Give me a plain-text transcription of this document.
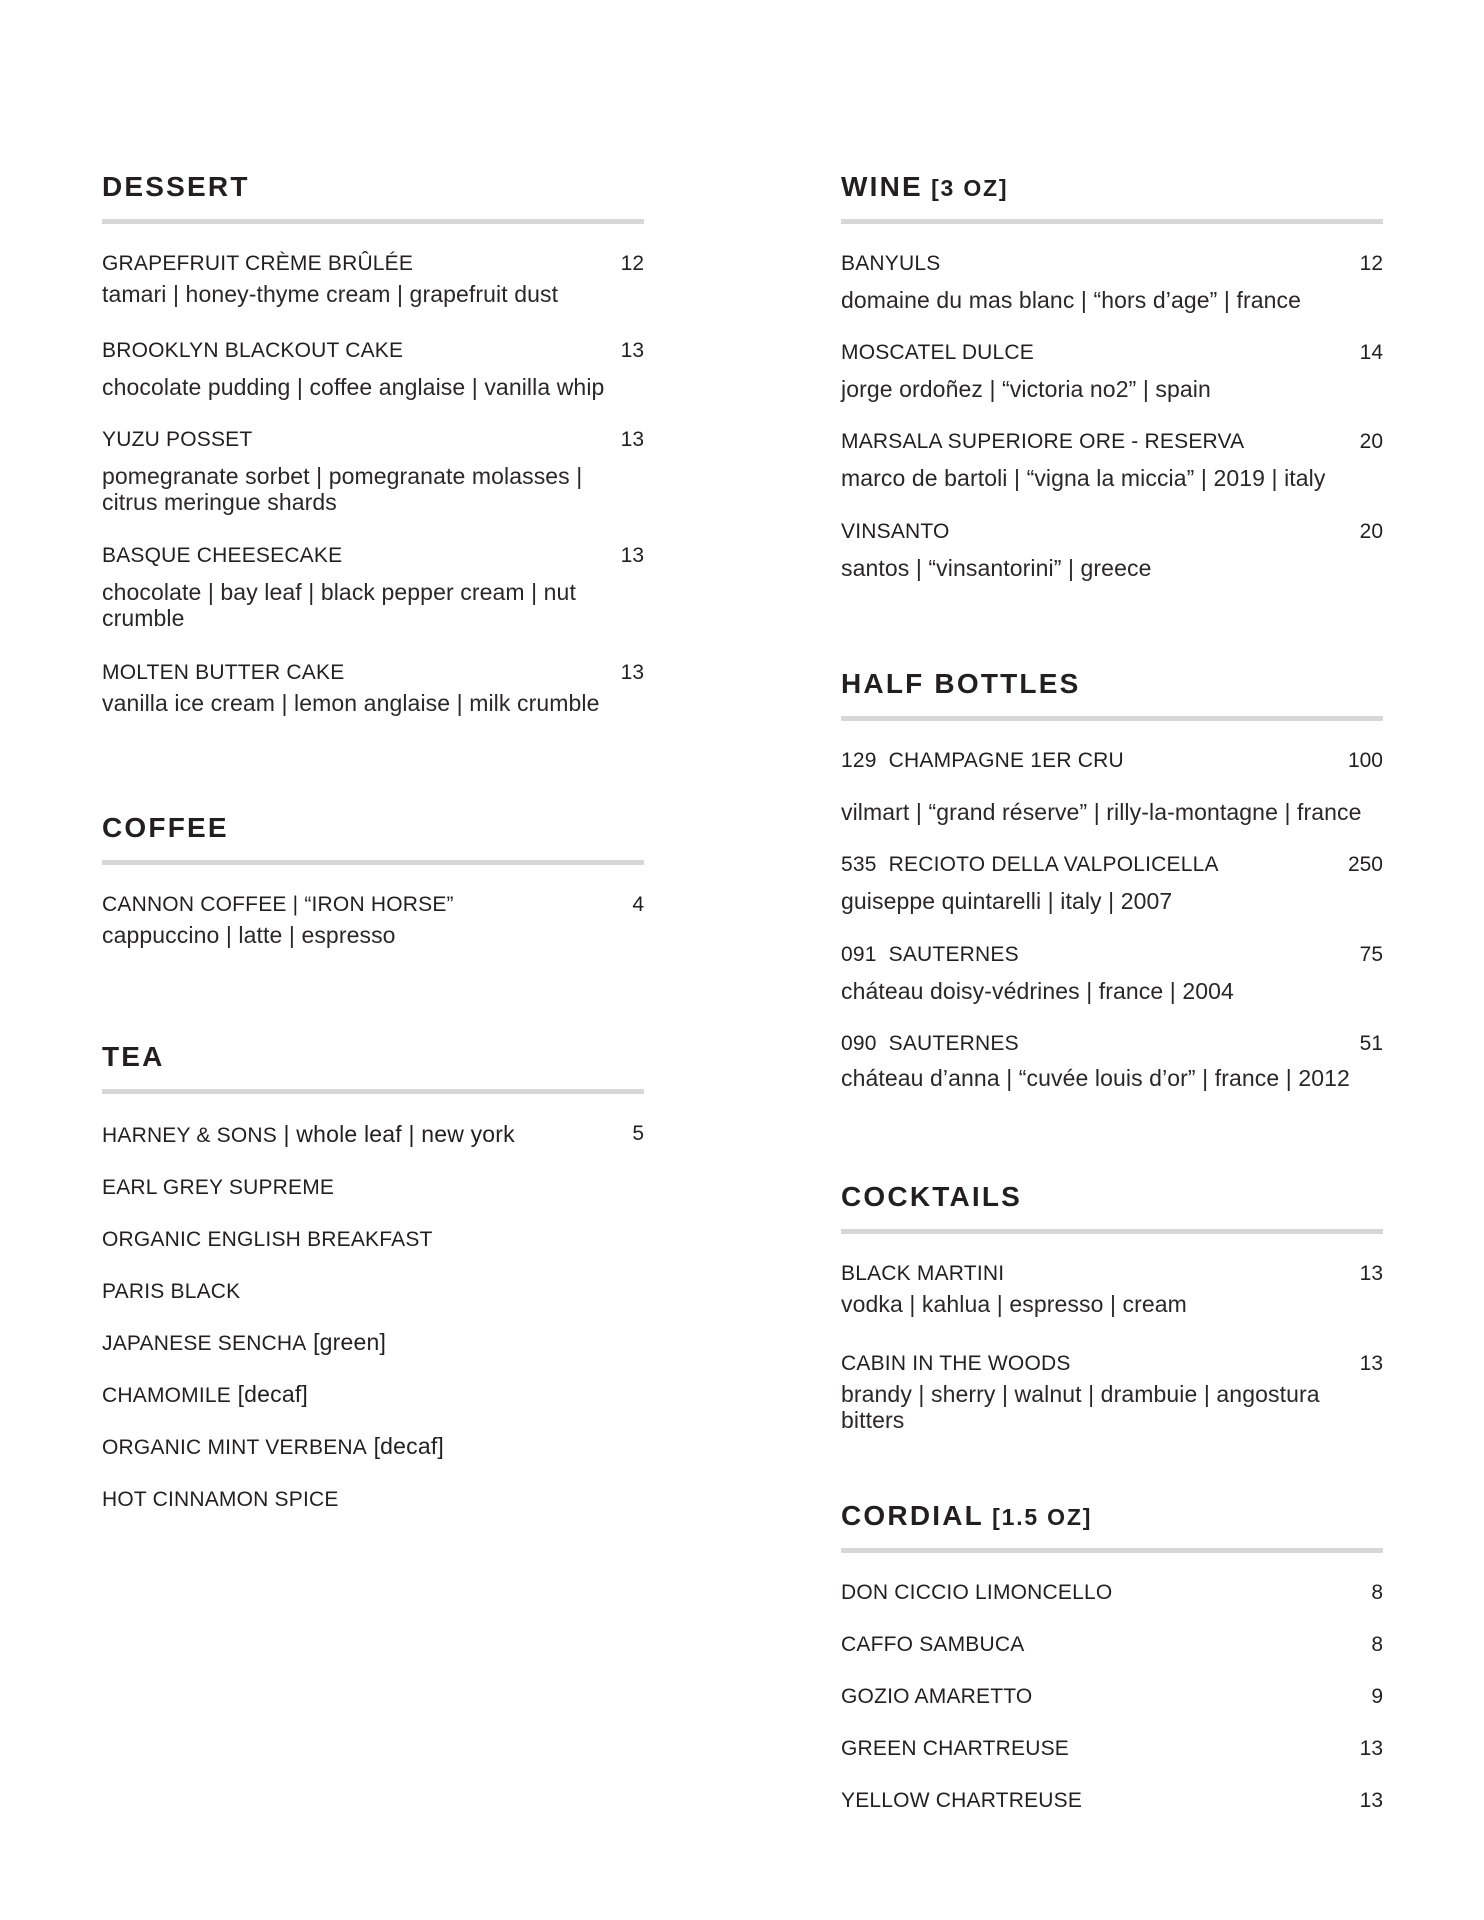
DESSERT
GRAPEFRUIT CRÈME BRÛLÉE	12
tamari | honey-thyme cream | grapefruit dust
BROOKLYN BLACKOUT CAKE	13
chocolate pudding | coffee anglaise | vanilla whip
YUZU POSSET	13
pomegranate sorbet | pomegranate molasses | citrus meringue shards
BASQUE CHEESECAKE	13
chocolate | bay leaf | black pepper cream | nut crumble
MOLTEN BUTTER CAKE	13
vanilla ice cream | lemon anglaise | milk crumble
COFFEE
CANNON COFFEE | “IRON HORSE”	4
cappuccino | latte | espresso
TEA
HARNEY & SONS | whole leaf | new york	5
EARL GREY SUPREME
ORGANIC ENGLISH BREAKFAST
PARIS BLACK
JAPANESE SENCHA [green]
CHAMOMILE [decaf]
ORGANIC MINT VERBENA [decaf]
HOT CINNAMON SPICE
WINE [3 OZ]
BANYULS	12
domaine du mas blanc | “hors d’age” | france
MOSCATEL DULCE	14
jorge ordoñez | “victoria no2” | spain
MARSALA SUPERIORE ORE - RESERVA	20
marco de bartoli | “vigna la miccia” | 2019 | italy
VINSANTO	20
santos | “vinsantorini” | greece
HALF BOTTLES
129 CHAMPAGNE 1ER CRU	100
vilmart | “grand réserve” | rilly-la-montagne | france
535 RECIOTO DELLA VALPOLICELLA	250
guiseppe quintarelli | italy | 2007
091 SAUTERNES	75
cháteau doisy-védrines | france | 2004
090 SAUTERNES	51
cháteau d’anna | “cuvée louis d’or” | france | 2012
COCKTAILS
BLACK MARTINI	13
vodka | kahlua | espresso | cream
CABIN IN THE WOODS	13
brandy | sherry | walnut | drambuie | angostura bitters
CORDIAL [1.5 OZ]
DON CICCIO LIMONCELLO	8
CAFFO SAMBUCA	8
GOZIO AMARETTO	9
GREEN CHARTREUSE	13
YELLOW CHARTREUSE	13
